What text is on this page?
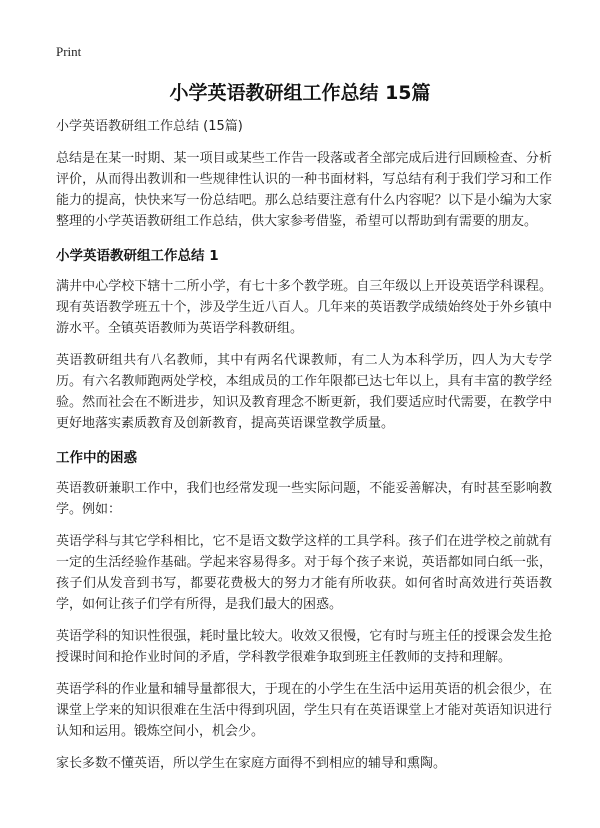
Print
小学英语教研组工作总结 15篇

小学英语教研组工作总结 (15篇)

总结是在某一时期、某一项目或某些工作告一段落或者全部完成后进行回顾检查、分析评价，从而得出教训和一些规律性认识的一种书面材料，写总结有利于我们学习和工作能力的提高，快快来写一份总结吧。那么总结要注意有什么内容呢？以下是小编为大家整理的小学英语教研组工作总结，供大家参考借鉴，希望可以帮助到有需要的朋友。

小学英语教研组工作总结 1

满井中心学校下辖十二所小学，有七十多个教学班。自三年级以上开设英语学科课程。现有英语教学班五十个，涉及学生近八百人。几年来的英语教学成绩始终处于外乡镇中游水平。全镇英语教师为英语学科教研组。

英语教研组共有八名教师，其中有两名代课教师，有二人为本科学历，四人为大专学历。有六名教师跑两处学校，本组成员的工作年限都已达七年以上，具有丰富的教学经验。然而社会在不断进步，知识及教育理念不断更新，我们要适应时代需要，在教学中更好地落实素质教育及创新教育，提高英语课堂教学质量。

工作中的困惑

英语教研兼职工作中，我们也经常发现一些实际问题，不能妥善解决，有时甚至影响教学。例如：

英语学科与其它学科相比，它不是语文数学这样的工具学科。孩子们在进学校之前就有一定的生活经验作基础。学起来容易得多。对于每个孩子来说，英语都如同白纸一张，孩子们从发音到书写，都要花费极大的努力才能有所收获。如何省时高效进行英语教学，如何让孩子们学有所得，是我们最大的困惑。

英语学科的知识性很强，耗时量比较大。收效又很慢，它有时与班主任的授课会发生抢授课时间和抢作业时间的矛盾，学科教学很难争取到班主任教师的支持和理解。

英语学科的作业量和辅导量都很大，于现在的小学生在生活中运用英语的机会很少，在课堂上学来的知识很难在生活中得到巩固，学生只有在英语课堂上才能对英语知识进行认知和运用。锻炼空间小，机会少。

家长多数不懂英语，所以学生在家庭方面得不到相应的辅导和熏陶。
